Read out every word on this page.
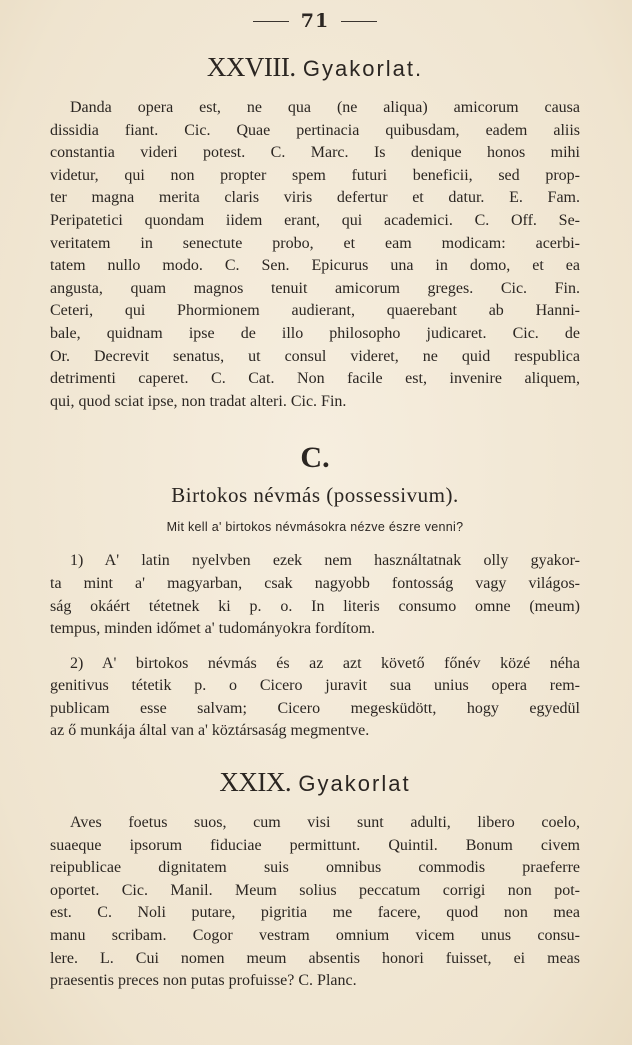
71
XXVIII. Gyakorlat.

Danda opera est, ne qua (ne aliqua) amicorum causa
dissidia fiant. Cic. Quae pertinacia quibusdam, eadem aliis
constantia videri potest. C. Marc. Is denique honos mihi
videtur, qui non propter spem futuri beneficii, sed prop-
ter magna merita claris viris defertur et datur. E. Fam.
Peripatetici quondam iidem erant, qui academici. C. Off. Se-
veritatem in senectute probo, et eam modicam: acerbi-
tatem nullo modo. C. Sen. Epicurus una in domo, et ea
angusta, quam magnos tenuit amicorum greges. Cic. Fin.
Ceteri, qui Phormionem audierant, quaerebant ab Hanni-
bale, quidnam ipse de illo philosopho judicaret. Cic. de
Or. Decrevit senatus, ut consul videret, ne quid respublica
detrimenti caperet. C. Cat. Non facile est, invenire aliquem,
qui, quod sciat ipse, non tradat alteri. Cic. Fin.

C.
Birtokos névmás (possessivum).
Mit kell a' birtokos névmásokra nézve észre venni?

1) A' latin nyelvben ezek nem használtatnak olly gyakor-
ta mint a' magyarban, csak nagyobb fontosság vagy világos-
ság okáért tétetnek ki p. o. In literis consumo omne (meum)
tempus, minden időmet a' tudományokra fordítom.

2) A' birtokos névmás és az azt követő főnév közé néha
genitivus tétetik p. o Cicero juravit sua unius opera rem-
publicam esse salvam; Cicero megesküdött, hogy egyedül
az ő munkája által van a' köztársaság megmentve.

XXIX. Gyakorlat

Aves foetus suos, cum visi sunt adulti, libero coelo,
suaeque ipsorum fiduciae permittunt. Quintil. Bonum civem
reipublicae dignitatem suis omnibus commodis praeferre
oportet. Cic. Manil. Meum solius peccatum corrigi non pot-
est. C. Noli putare, pigritia me facere, quod non mea
manu scribam. Cogor vestram omnium vicem unus consu-
lere. L. Cui nomen meum absentis honori fuisset, ei meas
praesentis preces non putas profuisse? C. Planc.
